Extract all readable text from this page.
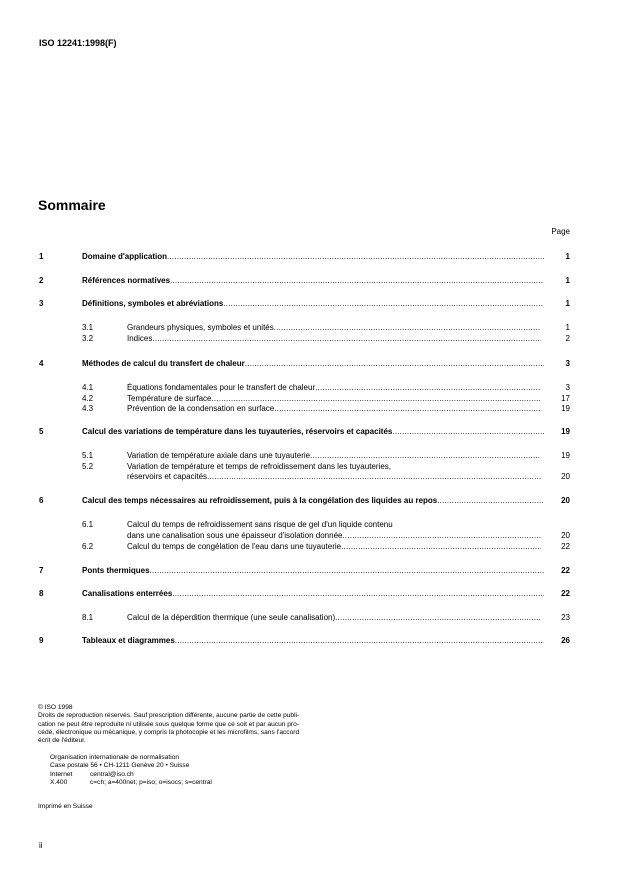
ISO 12241:1998(F)
Sommaire
Page
1	Domaine d'application .....	1
2	Références normatives .....	1
3	Définitions, symboles et abréviations .....	1
3.1	Grandeurs physiques, symboles et unités .....	1
3.2	Indices .....	2
4	Méthodes de calcul du transfert de chaleur .....	3
4.1	Équations fondamentales pour le transfert de chaleur .....	3
4.2	Température de surface .....	17
4.3	Prévention de la condensation en surface .....	19
5	Calcul des variations de température dans les tuyauteries, réservoirs et capacités .....	19
5.1	Variation de température axiale dans une tuyauterie .....	19
5.2	Variation de température et temps de refroidissement dans les tuyauteries,
réservoirs et capacités .....	20
6	Calcul des temps nécessaires au refroidissement, puis à la congélation des liquides au repos .....	20
6.1	Calcul du temps de refroidissement sans risque de gel d'un liquide contenu
dans une canalisation sous une épaisseur d'isolation donnée .....	20
6.2	Calcul du temps de congélation de l'eau dans une tuyauterie .....	22
7	Ponts thermiques .....	22
8	Canalisations enterrées .....	22
8.1	Calcul de la déperdition thermique (une seule canalisation) .....	23
9	Tableaux et diagrammes .....	26

© ISO 1998

Droits de reproduction réservés. Sauf prescription différente, aucune partie de cette publi-

cation ne peut être reproduite ni utilisée sous quelque forme que ce soit et par aucun pro-

cédé, électronique ou mécanique, y compris la photocopie et les microfilms, sans l'accord

écrit de l'éditeur.

Organisation internationale de normalisation
Case postale 56 • CH-1211 Genève 20 • Suisse
Internet	central@iso.ch
X.400	c=ch; a=400net; p=iso; o=isocs; s=central
Imprimé en Suisse
ii
